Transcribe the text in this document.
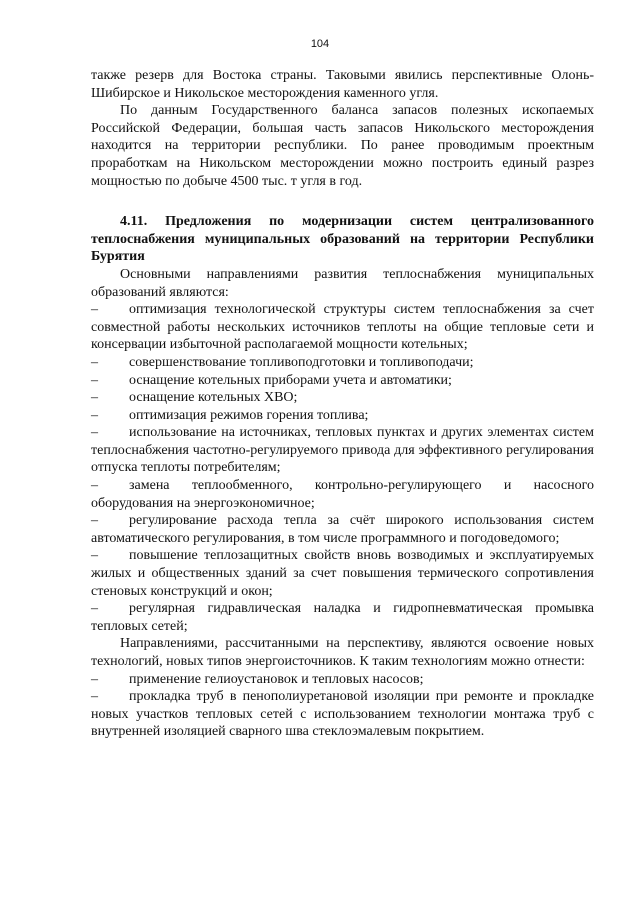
104

также резерв для Востока страны. Таковыми явились перспективные Олонь-Шибирское и Никольское месторождения каменного угля.

По данным Государственного баланса запасов полезных ископаемых Российской Федерации, большая часть запасов Никольского месторождения находится на территории республики. По ранее проводимым проектным проработкам на Никольском месторождении можно построить единый разрез мощностью по добыче 4500 тыс. т угля в год.

4.11. Предложения по модернизации систем централизованного теплоснабжения муниципальных образований на территории Республики Бурятия

Основными направлениями развития теплоснабжения муниципальных образований являются:

– оптимизация технологической структуры систем теплоснабжения за счет совместной работы нескольких источников теплоты на общие тепловые сети и консервации избыточной располагаемой мощности котельных;

– совершенствование топливоподготовки и топливоподачи;

– оснащение котельных приборами учета и автоматики;

– оснащение котельных ХВО;

– оптимизация режимов горения топлива;

– использование на источниках, тепловых пунктах и других элементах систем теплоснабжения частотно-регулируемого привода для эффективного регулирования отпуска теплоты потребителям;

– замена теплообменного, контрольно-регулирующего и насосного оборудования на энергоэкономичное;

– регулирование расхода тепла за счёт широкого использования систем автоматического регулирования, в том числе программного и погодоведомого;

– повышение теплозащитных свойств вновь возводимых и эксплуатируемых жилых и общественных зданий за счет повышения термического сопротивления стеновых конструкций и окон;

– регулярная гидравлическая наладка и гидропневматическая промывка тепловых сетей;

Направлениями, рассчитанными на перспективу, являются освоение новых технологий, новых типов энергоисточников. К таким технологиям можно отнести:

– применение гелиоустановок и тепловых насосов;

– прокладка труб в пенополиуретановой изоляции при ремонте и прокладке новых участков тепловых сетей с использованием технологии монтажа труб с внутренней изоляцией сварного шва стеклоэмалевым покрытием.
